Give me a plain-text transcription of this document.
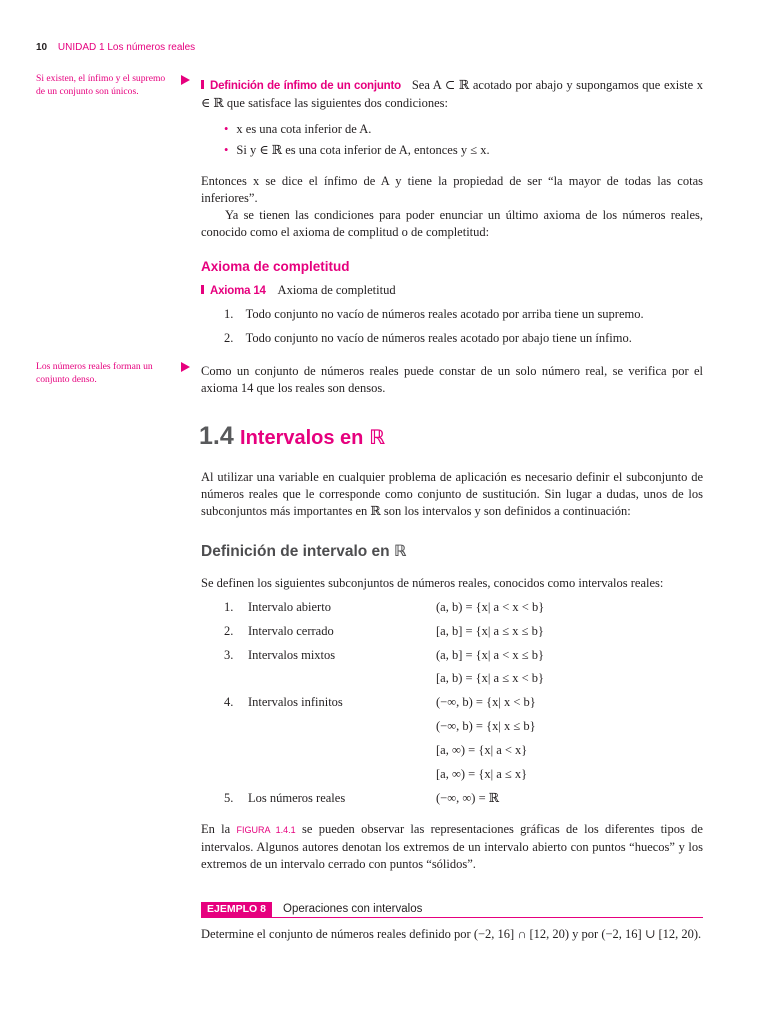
10 UNIDAD 1 Los números reales
Si existen, el ínfimo y el supremo de un conjunto son únicos.
Los números reales forman un conjunto denso.

Definición de ínfimo de un conjunto Sea A ⊂ ℝ acotado por abajo y supongamos que existe x ∈ ℝ que satisface las siguientes dos condiciones:

• x es una cota inferior de A.
• Si y ∈ ℝ es una cota inferior de A, entonces y ≤ x.

Entonces x se dice el ínfimo de A y tiene la propiedad de ser “la mayor de todas las cotas inferiores”.

Ya se tienen las condiciones para poder enunciar un último axioma de los números reales, conocido como el axioma de complitud o de completitud:

Axioma de completitud
Axioma 14 Axioma de completitud
1. Todo conjunto no vacío de números reales acotado por arriba tiene un supremo.
2. Todo conjunto no vacío de números reales acotado por abajo tiene un ínfimo.

Como un conjunto de números reales puede constar de un solo número real, se verifica por el axioma 14 que los reales son densos.

1.4 Intervalos en ℝ

Al utilizar una variable en cualquier problema de aplicación es necesario definir el subconjunto de números reales que le corresponde como conjunto de sustitución. Sin lugar a dudas, unos de los subconjuntos más importantes en ℝ son los intervalos y son definidos a continuación:

Definición de intervalo en ℝ

Se definen los siguientes subconjuntos de números reales, conocidos como intervalos reales:

1. Intervalo abierto	(a, b) = {x| a < x < b}
2. Intervalo cerrado	[a, b] = {x| a ≤ x ≤ b}
3. Intervalos mixtos	(a, b] = {x| a < x ≤ b}
[a, b) = {x| a ≤ x < b}
4. Intervalos infinitos	(−∞, b) = {x| x < b}
(−∞, b) = {x| x ≤ b}
[a, ∞) = {x| a < x}
[a, ∞) = {x| a ≤ x}
5. Los números reales	(−∞, ∞) = ℝ

En la FIGURA 1.4.1 se pueden observar las representaciones gráficas de los diferentes tipos de intervalos. Algunos autores denotan los extremos de un intervalo abierto con puntos “huecos” y los extremos de un intervalo cerrado con puntos “sólidos”.

EJEMPLO 8	Operaciones con intervalos

Determine el conjunto de números reales definido por (−2, 16] ∩ [12, 20) y por (−2, 16] ∪ [12, 20).
